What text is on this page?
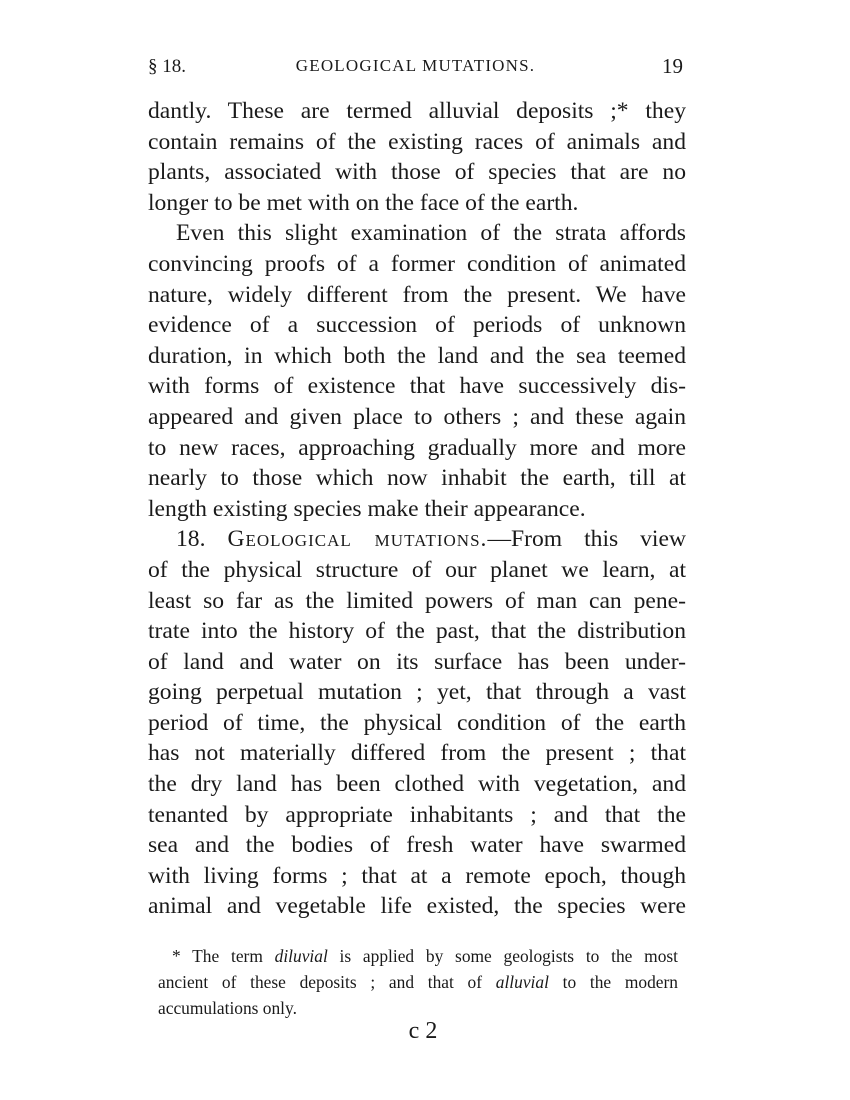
§ 18.	GEOLOGICAL MUTATIONS.	19
dantly. These are termed alluvial deposits ;* they
contain remains of the existing races of animals and
plants, associated with those of species that are no
longer to be met with on the face of the earth.
Even this slight examination of the strata affords
convincing proofs of a former condition of animated
nature, widely different from the present. We have
evidence of a succession of periods of unknown
duration, in which both the land and the sea teemed
with forms of existence that have successively dis-
appeared and given place to others ; and these again
to new races, approaching gradually more and more
nearly to those which now inhabit the earth, till at
length existing species make their appearance.
18. Geological mutations.—From this view
of the physical structure of our planet we learn, at
least so far as the limited powers of man can pene-
trate into the history of the past, that the distribution
of land and water on its surface has been under-
going perpetual mutation ; yet, that through a vast
period of time, the physical condition of the earth
has not materially differed from the present ; that
the dry land has been clothed with vegetation, and
tenanted by appropriate inhabitants ; and that the
sea and the bodies of fresh water have swarmed
with living forms ; that at a remote epoch, though
animal and vegetable life existed, the species were
* The term diluvial is applied by some geologists to the most
ancient of these deposits ; and that of alluvial to the modern
accumulations only.
c 2
